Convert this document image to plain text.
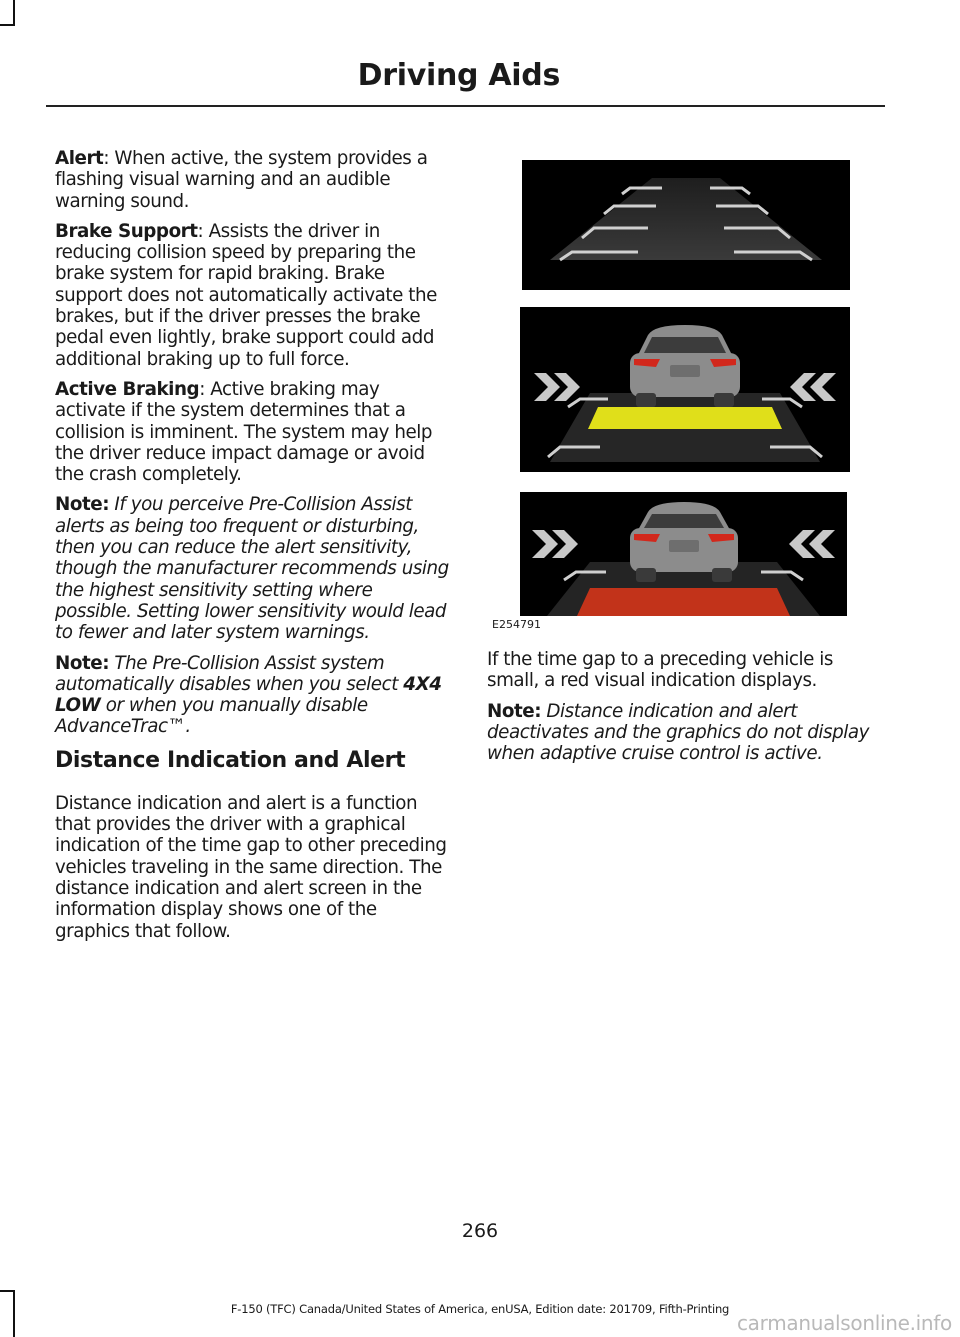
Driving Aids

Alert: When active, the system provides a flashing visual warning and an audible warning sound.

Brake Support: Assists the driver in reducing collision speed by preparing the brake system for rapid braking. Brake support does not automatically activate the brakes, but if the driver presses the brake pedal even lightly, brake support could add additional braking up to full force.

Active Braking: Active braking may activate if the system determines that a collision is imminent. The system may help the driver reduce impact damage or avoid the crash completely.

Note: If you perceive Pre-Collision Assist alerts as being too frequent or disturbing, then you can reduce the alert sensitivity, though the manufacturer recommends using the highest sensitivity setting where possible. Setting lower sensitivity would lead to fewer and later system warnings.

Note: The Pre-Collision Assist system automatically disables when you select 4X4 LOW or when you manually disable AdvanceTrac™.

Distance Indication and Alert

Distance indication and alert is a function that provides the driver with a graphical indication of the time gap to other preceding vehicles traveling in the same direction. The distance indication and alert screen in the information display shows one of the graphics that follow.

E254791

If the time gap to a preceding vehicle is small, a red visual indication displays.

Note: Distance indication and alert deactivates and the graphics do not display when adaptive cruise control is active.

266
F-150 (TFC) Canada/United States of America, enUSA, Edition date: 201709, Fifth-Printing
carmanualsonline.info
